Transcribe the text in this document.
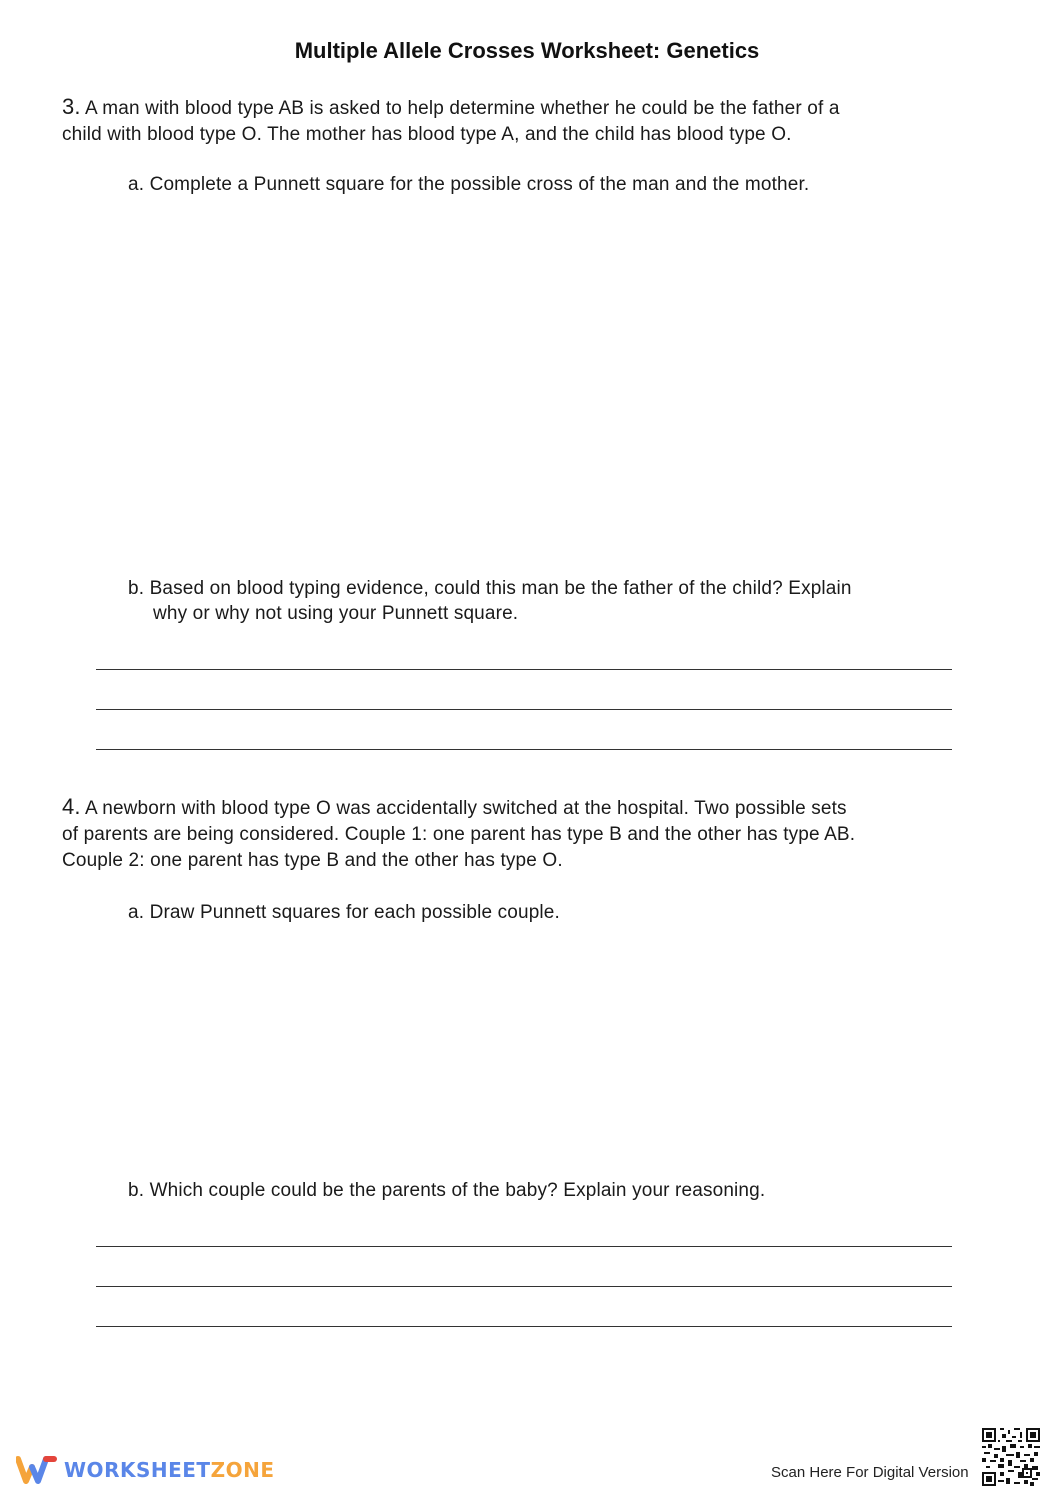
Multiple Allele Crosses Worksheet: Genetics
3. A man with blood type AB is asked to help determine whether he could be the father of a
child with blood type O. The mother has blood type A, and the child has blood type O.
a. Complete a Punnett square for the possible cross of the man and the mother.
b. Based on blood typing evidence, could this man be the father of the child? Explain
why or why not using your Punnett square.
4. A newborn with blood type O was accidentally switched at the hospital. Two possible sets
of parents are being considered. Couple 1: one parent has type B and the other has type AB.
Couple 2: one parent has type B and the other has type O.
a. Draw Punnett squares for each possible couple.
b. Which couple could be the parents of the baby? Explain your reasoning.
WORKSHEETZONE	Scan Here For Digital Version
